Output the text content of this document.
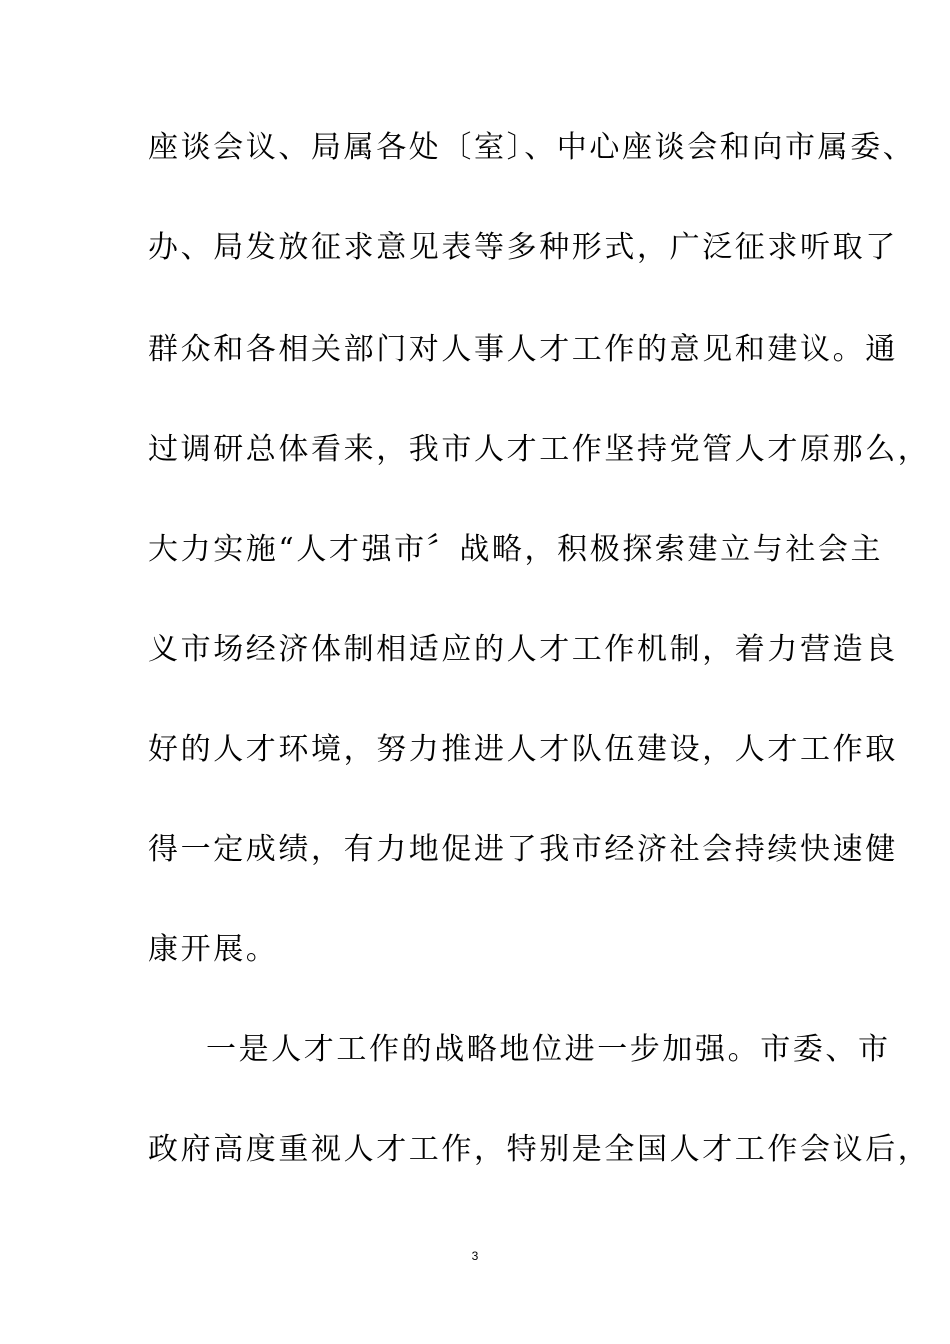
座谈会议、局属各处〔室〕、中心座谈会和向市属委、
办、局发放征求意见表等多种形式，广泛征求听取了
群众和各相关部门对人事人才工作的意见和建议。通
过调研总体看来，我市人才工作坚持党管人才原那么，
大力实施“人才强市〞战略，积极探索建立与社会主
义市场经济体制相适应的人才工作机制，着力营造良
好的人才环境，努力推进人才队伍建设，人才工作取
得一定成绩，有力地促进了我市经济社会持续快速健
康开展。
一是人才工作的战略地位进一步加强。市委、市
政府高度重视人才工作，特别是全国人才工作会议后，
3
